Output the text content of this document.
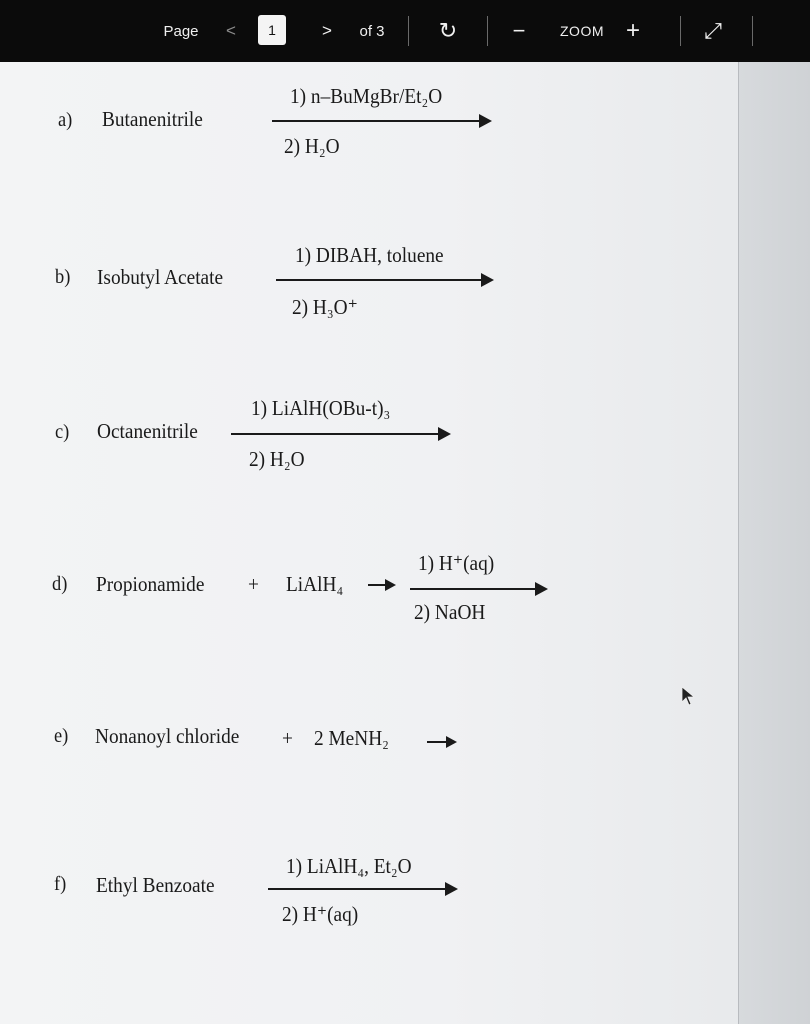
Page	<	1	>	of 3	↻	−	ZOOM +	⤢
1) n–BuMgBr/Et₂O
a) Butanenitrile
2) H₂O
1) DIBAH, toluene
b) Isobutyl Acetate
2) H₃O⁺
1) LiAlH(OBu-t)₃
c) Octanenitrile
2) H₂O
1) H⁺(aq)
d) Propionamide + LiAlH₄
2) NaOH
e) Nonanoyl chloride + 2 MeNH₂
1) LiAlH₄, Et₂O
f) Ethyl Benzoate
2) H⁺(aq)
